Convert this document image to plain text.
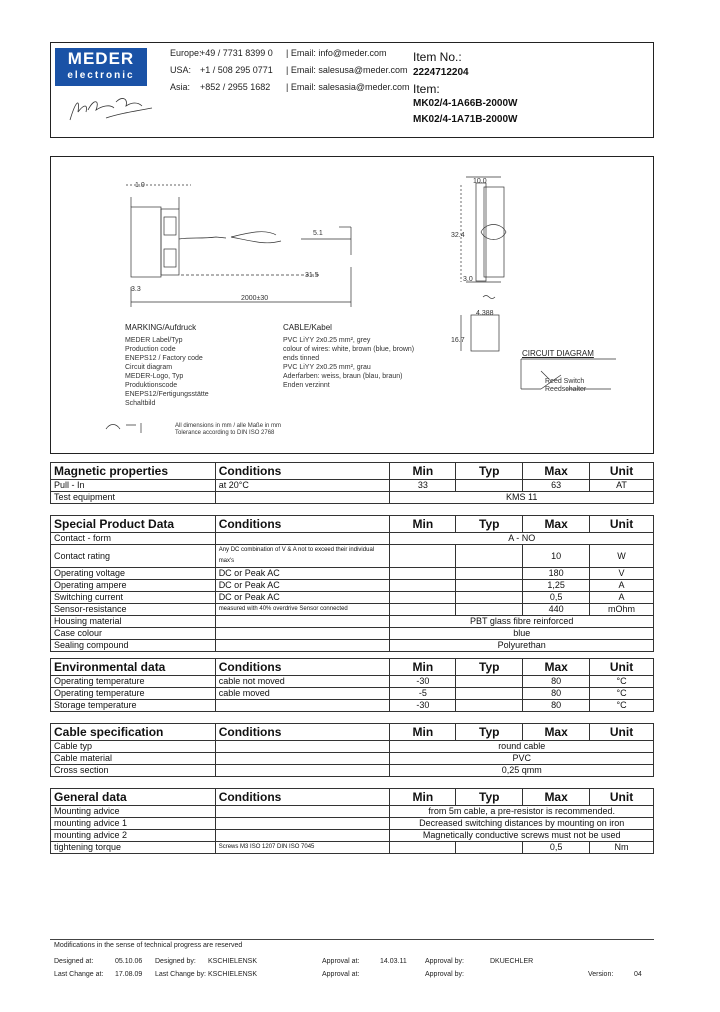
MEDER
electronic
Europe:+49 / 7731 8399 0 | Email: info@meder.com
USA: +1 / 508 295 0771 | Email: salesusa@meder.com
Asia: +852 / 2955 1682 | Email: salesasia@meder.com
Item No.:
2224712204
Item:
MK02/4-1A66B-2000W
MK02/4-1A71B-2000W
1.0
3.3
5.1
31.5
2000±30
10.0
32.4
3.0
16.7
4.388
MARKING/Aufdruck
MEDER Label/Typ
Production code
ENEPS12 / Factory code
Circuit diagram
MEDER-Logo, Typ
Produktionscode
ENEPS12/Fertigungsstätte
Schaltbild
CABLE/Kabel
PVC LiYY 2x0.25 mm², grey
colour of wires: white, brown (blue, brown)
ends tinned
PVC LiYY 2x0.25 mm², grau
Aderfarben: weiss, braun (blau, braun)
Enden verzinnt
CIRCUIT DIAGRAM
Reed Switch
Reedschalter
All dimensions in mm / alle Maße in mm
Tolerance according to DIN ISO 2768
Magnetic properties	Conditions	Min	Typ	Max	Unit
Pull - In	at 20°C	33		63	AT
Test equipment		KMS 11			
Special Product Data	Conditions	Min	Typ	Max	Unit
Contact - form		A - NO			
Contact rating	Any DC combination of V & A not to exceed their individual max's			10	W
Operating voltage	DC or Peak AC			180	V
Operating ampere	DC or Peak AC			1,25	A
Switching current	DC or Peak AC			0,5	A
Sensor-resistance	measured with 40% overdrive Sensor connected			440	mOhm
Housing material		PBT glass fibre reinforced			
Case colour		blue			
Sealing compound		Polyurethan			
Environmental data	Conditions	Min	Typ	Max	Unit
Operating temperature	cable not moved	-30		80	°C
Operating temperature	cable moved	-5		80	°C
Storage temperature		-30		80	°C
Cable specification	Conditions	Min	Typ	Max	Unit
Cable typ		round cable			
Cable material		PVC			
Cross section		0,25 qmm			
General data	Conditions	Min	Typ	Max	Unit
Mounting advice		from 5m cable, a pre-resistor is recommended.			
mounting advice 1		Decreased switching distances by mounting on iron			
mounting advice 2		Magnetically conductive screws must not be used			
tightening torque	Screws M3 ISO 1207 DIN ISO 7045			0,5	Nm
Modifications in the sense of technical progress are reserved
Designed at:	05.10.06 Designed by: KSCHIELENSK	Approval at:	14.03.11	Approval by:	DKUECHLER
Last Change at: 17.08.09 Last Change by: KSCHIELENSK	Approval at:	Approval by:	Version:	04
